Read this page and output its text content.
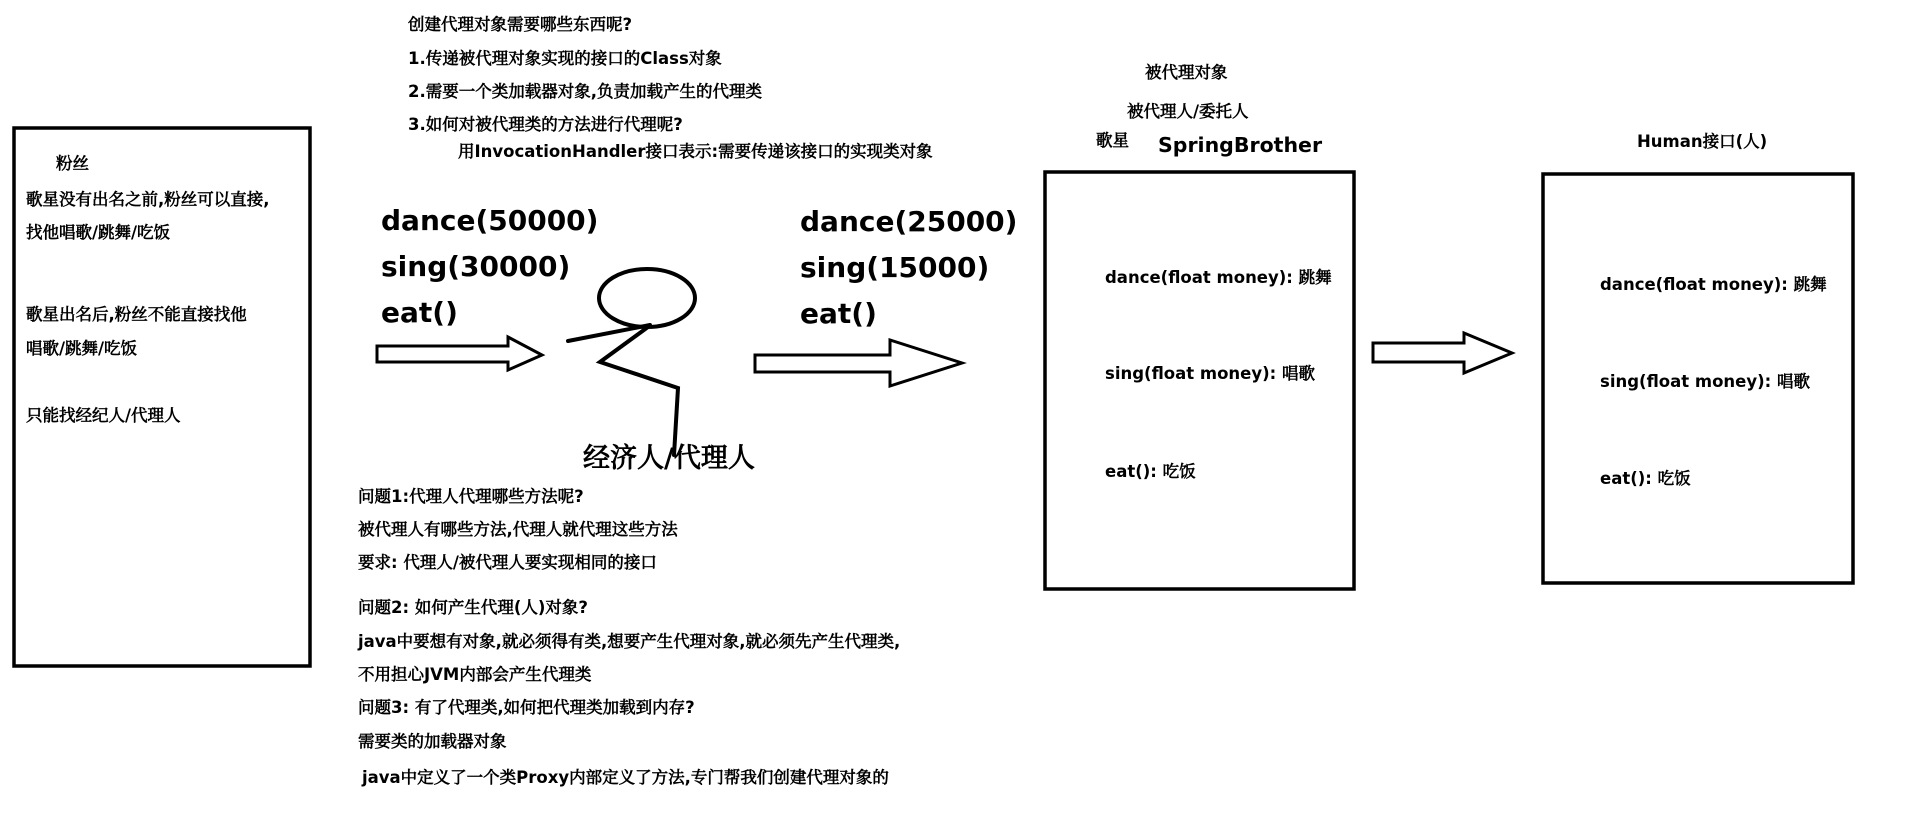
创建代理对象需要哪些东西呢?
1.传递被代理对象实现的接口的Class对象
2.需要一个类加载器对象,负责加载产生的代理类
3.如何对被代理类的方法进行代理呢?
用InvocationHandler接口表示:需要传递该接口的实现类对象
粉丝
歌星没有出名之前,粉丝可以直接,
找他唱歌/跳舞/吃饭
歌星出名后,粉丝不能直接找他
唱歌/跳舞/吃饭
只能找经纪人/代理人
dance(50000)
sing(30000)
eat()
经济人/代理人
dance(25000)
sing(15000)
eat()
问题1:代理人代理哪些方法呢?
被代理人有哪些方法,代理人就代理这些方法
要求: 代理人/被代理人要实现相同的接口
问题2: 如何产生代理(人)对象?
java中要想有对象,就必须得有类,想要产生代理对象,就必须先产生代理类,
不用担心JVM内部会产生代理类
问题3: 有了代理类,如何把代理类加载到内存?
需要类的加载器对象
java中定义了一个类Proxy内部定义了方法,专门帮我们创建代理对象的
被代理对象
被代理人/委托人
歌星 SpringBrother
dance(float money): 跳舞
sing(float money): 唱歌
eat(): 吃饭
Human接口(人)
dance(float money): 跳舞
sing(float money): 唱歌
eat(): 吃饭
